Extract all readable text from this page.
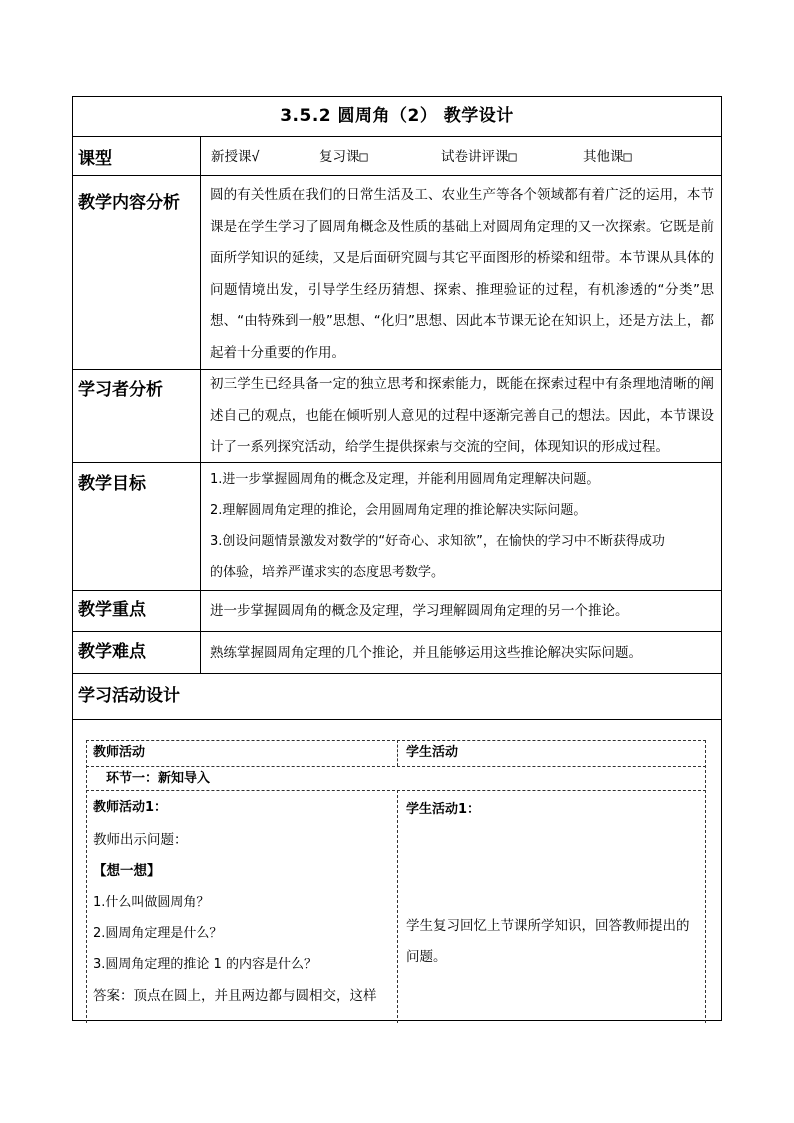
3.5.2 圆周角（2） 教学设计
课型	新授课√	复习课□	试卷讲评课□	其他课□
教学内容分析 圆的有关性质在我们的日常生活及工、农业生产等各个领域都有着广泛的运用，本节课是在学生学习了圆周角概念及性质的基础上对圆周角定理的又一次探索。它既是前面所学知识的延续，又是后面研究圆与其它平面图形的桥梁和纽带。本节课从具体的问题情境出发，引导学生经历猜想、探索、推理验证的过程，有机渗透的“分类”思想、“由特殊到一般”思想、“化归”思想、因此本节课无论在知识上，还是方法上，都起着十分重要的作用。
学习者分析	初三学生已经具备一定的独立思考和探索能力，既能在探索过程中有条理地清晰的阐述自己的观点，也能在倾听别人意见的过程中逐渐完善自己的想法。因此，本节课设计了一系列探究活动，给学生提供探索与交流的空间，体现知识的形成过程。
教学目标	1.进一步掌握圆周角的概念及定理，并能利用圆周角定理解决问题。
2.理解圆周角定理的推论，会用圆周角定理的推论解决实际问题。
3.创设问题情景激发对数学的“好奇心、求知欲”，在愉快的学习中不断获得成功
的体验，培养严谨求实的态度思考数学。
教学重点	进一步掌握圆周角的概念及定理，学习理解圆周角定理的另一个推论。
教学难点	熟练掌握圆周角定理的几个推论，并且能够运用这些推论解决实际问题。
学习活动设计
教师活动	学生活动
环节一：新知导入
教师活动1：
教师出示问题：
【想一想】
1.什么叫做圆周角？
2.圆周角定理是什么？
3.圆周角定理的推论 1 的内容是什么？
答案：顶点在圆上，并且两边都与圆相交，这样
学生活动1：
学生复习回忆上节课所学知识，回答教师提出的
问题。
